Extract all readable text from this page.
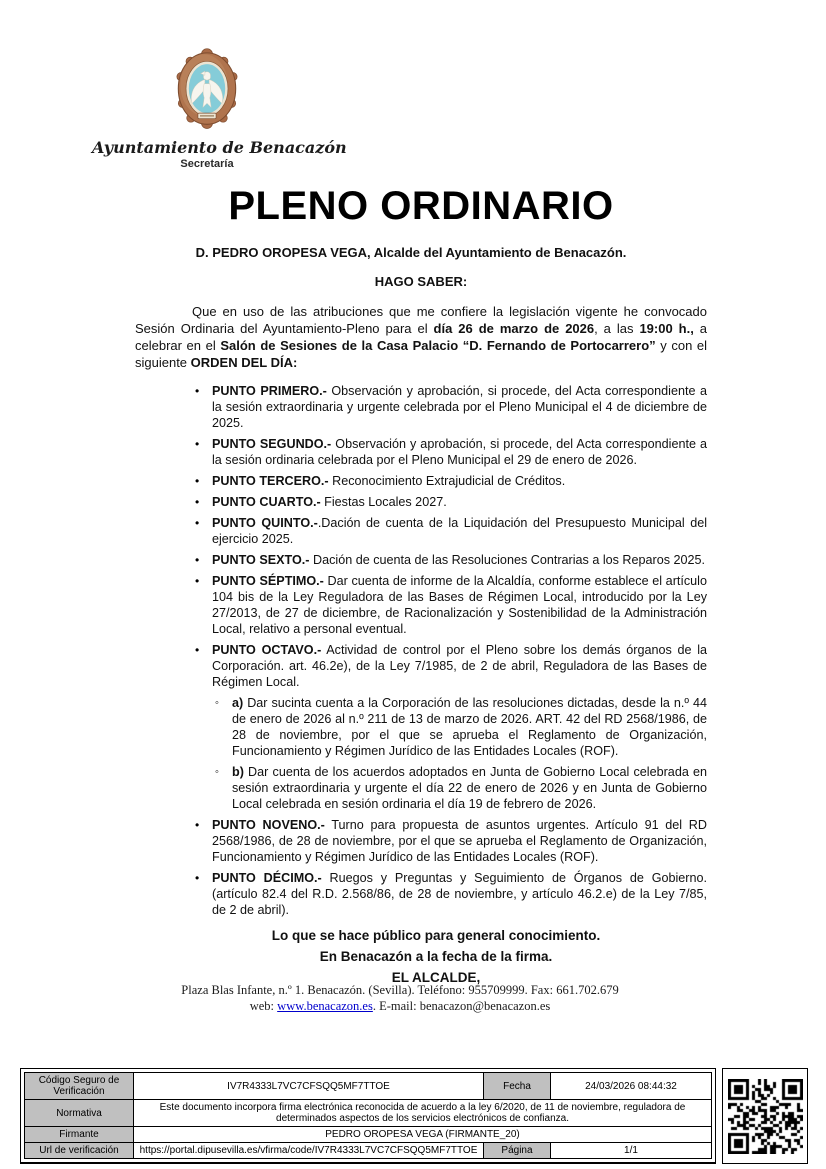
Ayuntamiento de Benacazón
Secretaría
PLENO ORDINARIO

D. PEDRO OROPESA VEGA, Alcalde del Ayuntamiento de Benacazón.

HAGO SABER:

Que en uso de las atribuciones que me confiere la legislación vigente he convocado Sesión Ordinaria del Ayuntamiento-Pleno para el día 26 de marzo de 2026, a las 19:00 h., a celebrar en el Salón de Sesiones de la Casa Palacio “D. Fernando de Portocarrero” y con el siguiente ORDEN DEL DÍA:

• PUNTO PRIMERO.- Observación y aprobación, si procede, del Acta correspondiente a la sesión extraordinaria y urgente celebrada por el Pleno Municipal el 4 de diciembre de 2025.

• PUNTO SEGUNDO.- Observación y aprobación, si procede, del Acta correspondiente a la sesión ordinaria celebrada por el Pleno Municipal el 29 de enero de 2026.

• PUNTO TERCERO.- Reconocimiento Extrajudicial de Créditos.

• PUNTO CUARTO.- Fiestas Locales 2027.

• PUNTO QUINTO.-.Dación de cuenta de la Liquidación del Presupuesto Municipal del ejercicio 2025.

• PUNTO SEXTO.- Dación de cuenta de las Resoluciones Contrarias a los Reparos 2025.

• PUNTO SÉPTIMO.- Dar cuenta de informe de la Alcaldía, conforme establece el artículo 104 bis de la Ley Reguladora de las Bases de Régimen Local, introducido por la Ley 27/2013, de 27 de diciembre, de Racionalización y Sostenibilidad de la Administración Local, relativo a personal eventual.

• PUNTO OCTAVO.- Actividad de control por el Pleno sobre los demás órganos de la Corporación. art. 46.2e), de la Ley 7/1985, de 2 de abril, Reguladora de las Bases de Régimen Local.

◦ a) Dar sucinta cuenta a la Corporación de las resoluciones dictadas, desde la n.º 44 de enero de 2026 al n.º 211 de 13 de marzo de 2026. ART. 42 del RD 2568/1986, de 28 de noviembre, por el que se aprueba el Reglamento de Organización, Funcionamiento y Régimen Jurídico de las Entidades Locales (ROF).

◦ b) Dar cuenta de los acuerdos adoptados en Junta de Gobierno Local celebrada en sesión extraordinaria y urgente el día 22 de enero de 2026 y en Junta de Gobierno Local celebrada en sesión ordinaria el día 19 de febrero de 2026.

• PUNTO NOVENO.- Turno para propuesta de asuntos urgentes. Artículo 91 del RD 2568/1986, de 28 de noviembre, por el que se aprueba el Reglamento de Organización, Funcionamiento y Régimen Jurídico de las Entidades Locales (ROF).

• PUNTO DÉCIMO.- Ruegos y Preguntas y Seguimiento de Órganos de Gobierno. (artículo 82.4 del R.D. 2.568/86, de 28 de noviembre, y artículo 46.2.e) de la Ley 7/85, de 2 de abril).

Lo que se hace público para general conocimiento.

En Benacazón a la fecha de la firma.

EL ALCALDE,

Plaza Blas Infante, n.º 1. Benacazón. (Sevilla). Teléfono: 955709999. Fax: 661.702.679
web: www.benacazon.es. E-mail: benacazon@benacazon.es
Código Seguro de Verificación	IV7R4333L7VC7CFSQQ5MF7TTOE	Fecha	24/03/2026 08:44:32
Normativa	Este documento incorpora firma electrónica reconocida de acuerdo a la ley 6/2020, de 11 de noviembre, reguladora de determinados aspectos de los servicios electrónicos de confianza.		
Firmante	PEDRO OROPESA VEGA (FIRMANTE_20)		
Url de verificación	https://portal.dipusevilla.es/vfirma/code/IV7R4333L7VC7CFSQQ5MF7TTOE	Página	1/1
